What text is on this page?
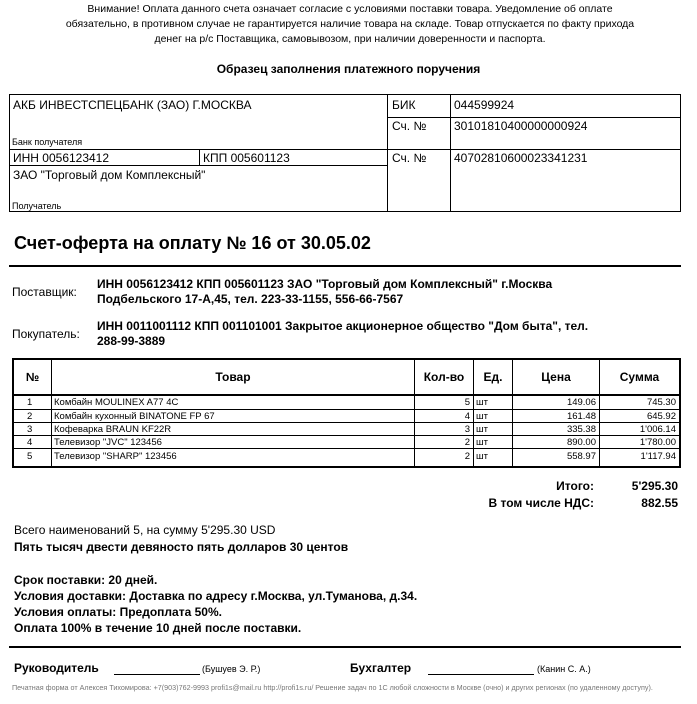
Внимание! Оплата данного счета означает согласие с условиями поставки товара. Уведомление об оплате обязательно, в противном случае не гарантируется наличие товара на складе. Товар отпускается по факту прихода денег на р/с Поставщика, самовывозом, при наличии доверенности и паспорта.
Образец заполнения платежного поручения
АКБ ИНВЕСТСПЕЦБАНК (ЗАО) Г.МОСКВА
Банк получателя
БИК	044599924
Сч. № 30101810400000000924
ИНН 0056123412	КПП 005601123	Сч. № 40702810600023341231
ЗАО "Торговый дом Комплексный"
Получатель
Счет-оферта на оплату № 16 от 30.05.02
Поставщик:
ИНН 0056123412 КПП 005601123 ЗАО "Торговый дом Комплексный" г.Москва
Подбельского 17-А,45, тел. 223-33-1155, 556-66-7567
Покупатель:
ИНН 0011001112 КПП 001101001 Закрытое акционерное общество "Дом быта", тел.
288-99-3889
№	Товар	Кол-во	Ед.	Цена	Сумма
1 Комбайн MOULINEX A77 4C	5 шт	149.06	745.30
2 Комбайн кухонный BINATONE FP 67	4 шт	161.48	645.92
3 Кофеварка BRAUN KF22R	3 шт	335.38	1'006.14
4 Телевизор "JVC" 123456	2 шт	890.00	1'780.00
5 Телевизор "SHARP" 123456	2 шт	558.97	1'117.94
Итого:	5'295.30
В том числе НДС:	882.55
Всего наименований 5, на сумму 5'295.30 USD
Пять тысяч двести девяносто пять долларов 30 центов
Срок поставки: 20 дней.
Условия доставки: Доставка по адресу г.Москва, ул.Туманова, д.34.
Условия оплаты: Предоплата 50%.
Оплата 100% в течение 10 дней после поставки.
Руководитель	(Бушуев Э. Р.)	Бухгалтер	(Канин С. А.)
Печатная форма от Алексея Тихомирова: +7(903)762-9993 profi1s@mail.ru http://profi1s.ru/ Решение задач по 1С любой сложности в Москве (очно) и других регионах (по удаленному доступу).
